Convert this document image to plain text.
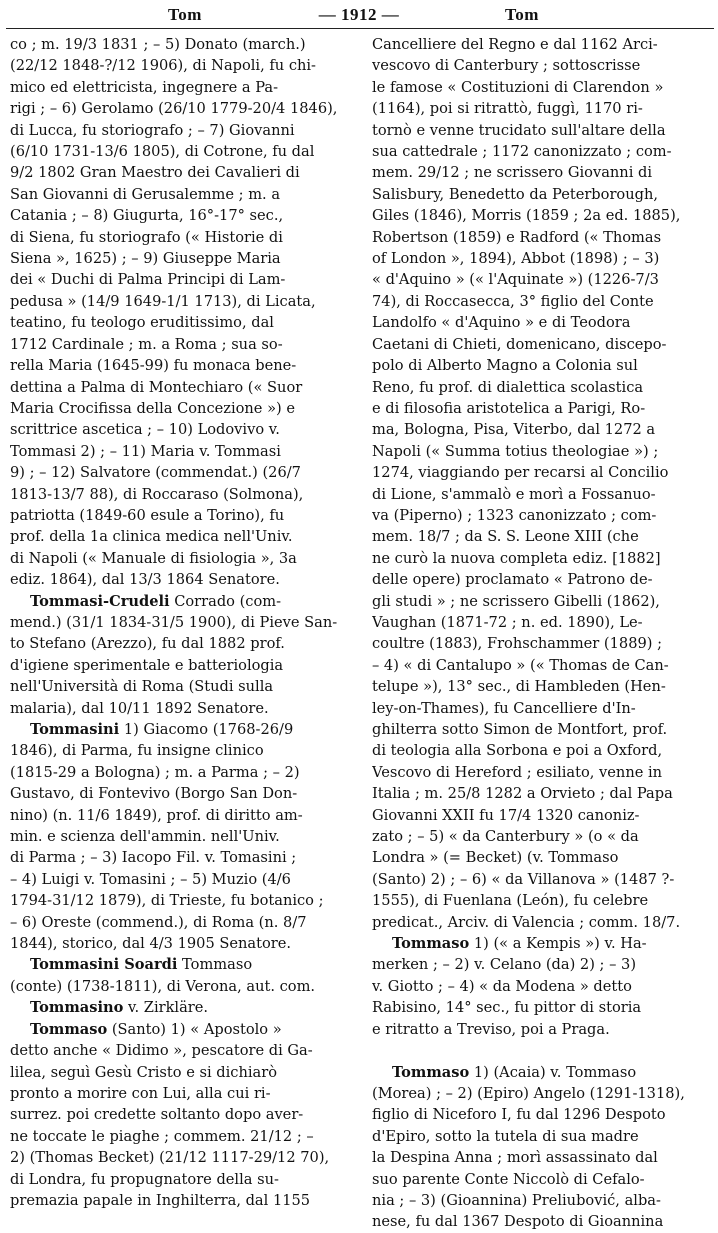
Tom	— 1912 —	Tom
co ; m. 19/3 1831 ; – 5) Donato (march.)
(22/12 1848-?/12 1906), di Napoli, fu chi-
mico ed elettricista, ingegnere a Pa-
rigi ; – 6) Gerolamo (26/10 1779-20/4 1846),
di Lucca, fu storiografo ; – 7) Giovanni
(6/10 1731-13/6 1805), di Cotrone, fu dal
9/2 1802 Gran Maestro dei Cavalieri di
San Giovanni di Gerusalemme ; m. a
Catania ; – 8) Giugurta, 16°-17° sec.,
di Siena, fu storiografo (« Historie di
Siena », 1625) ; – 9) Giuseppe Maria
dei « Duchi di Palma Principi di Lam-
pedusa » (14/9 1649-1/1 1713), di Licata,
teatino, fu teologo eruditissimo, dal
1712 Cardinale ; m. a Roma ; sua so-
rella Maria (1645-99) fu monaca bene-
dettina a Palma di Montechiaro (« Suor
Maria Crocifissa della Concezione ») e
scrittrice ascetica ; – 10) Lodovivo v.
Tommasi 2) ; – 11) Maria v. Tommasi
9) ; – 12) Salvatore (commendat.) (26/7
1813-13/7 88), di Roccaraso (Solmona),
patriotta (1849-60 esule a Torino), fu
prof. della 1a clinica medica nell'Univ.
di Napoli (« Manuale di fisiologia », 3a
ediz. 1864), dal 13/3 1864 Senatore.
Tommasi-Crudeli Corrado (com-
mend.) (31/1 1834-31/5 1900), di Pieve San-
to Stefano (Arezzo), fu dal 1882 prof.
d'igiene sperimentale e batteriologia
nell'Università di Roma (Studi sulla
malaria), dal 10/11 1892 Senatore.
Tommasini 1) Giacomo (1768-26/9
1846), di Parma, fu insigne clinico
(1815-29 a Bologna) ; m. a Parma ; – 2)
Gustavo, di Fontevivo (Borgo San Don-
nino) (n. 11/6 1849), prof. di diritto am-
min. e scienza dell'ammin. nell'Univ.
di Parma ; – 3) Iacopo Fil. v. Tomasini ;
– 4) Luigi v. Tomasini ; – 5) Muzio (4/6
1794-31/12 1879), di Trieste, fu botanico ;
– 6) Oreste (commend.), di Roma (n. 8/7
1844), storico, dal 4/3 1905 Senatore.
Tommasini Soardi Tommaso
(conte) (1738-1811), di Verona, aut. com.
Tommasino v. Zirkläre.
Tommaso (Santo) 1) « Apostolo »
detto anche « Didimo », pescatore di Ga-
lilea, seguì Gesù Cristo e si dichiarò
pronto a morire con Lui, alla cui ri-
surrez. poi credette soltanto dopo aver-
ne toccate le piaghe ; commem. 21/12 ; –
2) (Thomas Becket) (21/12 1117-29/12 70),
di Londra, fu propugnatore della su-
premazia papale in Inghilterra, dal 1155
Cancelliere del Regno e dal 1162 Arci-
vescovo di Canterbury ; sottoscrisse
le famose « Costituzioni di Clarendon »
(1164), poi si ritrattò, fuggì, 1170 ri-
tornò e venne trucidato sull'altare della
sua cattedrale ; 1172 canonizzato ; com-
mem. 29/12 ; ne scrissero Giovanni di
Salisbury, Benedetto da Peterborough,
Giles (1846), Morris (1859 ; 2a ed. 1885),
Robertson (1859) e Radford (« Thomas
of London », 1894), Abbot (1898) ; – 3)
« d'Aquino » (« l'Aquinate ») (1226-7/3
74), di Roccasecca, 3° figlio del Conte
Landolfo « d'Aquino » e di Teodora
Caetani di Chieti, domenicano, discepo-
polo di Alberto Magno a Colonia sul
Reno, fu prof. di dialettica scolastica
e di filosofia aristotelica a Parigi, Ro-
ma, Bologna, Pisa, Viterbo, dal 1272 a
Napoli (« Summa totius theologiae ») ;
1274, viaggiando per recarsi al Concilio
di Lione, s'ammalò e morì a Fossanuo-
va (Piperno) ; 1323 canonizzato ; com-
mem. 18/7 ; da S. S. Leone XIII (che
ne curò la nuova completa ediz. [1882]
delle opere) proclamato « Patrono de-
gli studi » ; ne scrissero Gibelli (1862),
Vaughan (1871-72 ; n. ed. 1890), Le-
coultre (1883), Frohschammer (1889) ;
– 4) « di Cantalupo » (« Thomas de Can-
telupe »), 13° sec., di Hambleden (Hen-
ley-on-Thames), fu Cancelliere d'In-
ghilterra sotto Simon de Montfort, prof.
di teologia alla Sorbona e poi a Oxford,
Vescovo di Hereford ; esiliato, venne in
Italia ; m. 25/8 1282 a Orvieto ; dal Papa
Giovanni XXII fu 17/4 1320 canoniz-
zato ; – 5) « da Canterbury » (o « da
Londra » (= Becket) (v. Tommaso
(Santo) 2) ; – 6) « da Villanova » (1487 ?-
1555), di Fuenlana (León), fu celebre
predicat., Arciv. di Valencia ; comm. 18/7.
Tommaso 1) (« a Kempis ») v. Ha-
merken ; – 2) v. Celano (da) 2) ; – 3)
v. Giotto ; – 4) « da Modena » detto
Rabisino, 14° sec., fu pittor di storia
e ritratto a Treviso, poi a Praga.
Tommaso 1) (Acaia) v. Tommaso
(Morea) ; – 2) (Epiro) Angelo (1291-1318),
figlio di Niceforo I, fu dal 1296 Despoto
d'Epiro, sotto la tutela di sua madre
la Despina Anna ; morì assassinato dal
suo parente Conte Niccolò di Cefalo-
nia ; – 3) (Gioannina) Preliubović, alba-
nese, fu dal 1367 Despoto di Gioannina
